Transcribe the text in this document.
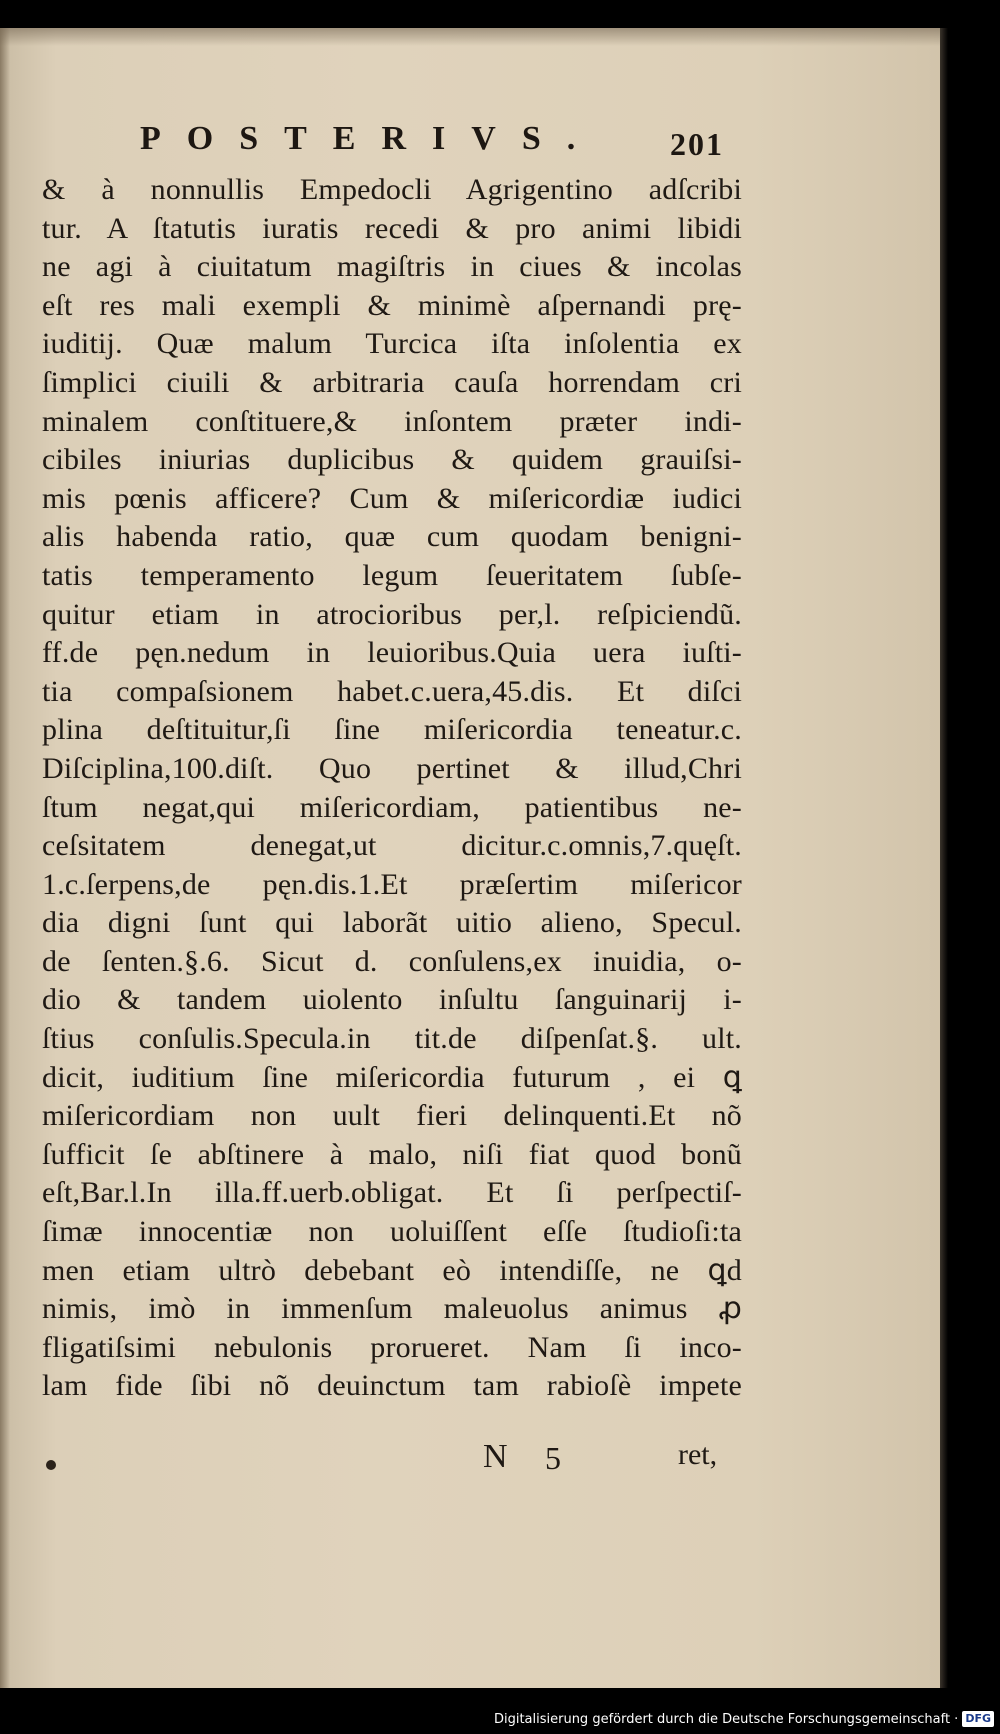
POSTERIVS. 201
& à nonnullis Empedocli Agrigentino adſcribi
tur. A ſtatutis iuratis recedi & pro animi libidi
ne agi à ciuitatum magiſtris in ciues & incolas
eſt res mali exempli & minimè aſpernandi prę-
iuditij. Quæ malum Turcica iſta inſolentia ex
ſimplici ciuili & arbitraria cauſa horrendam cri
minalem conſtituere,& inſontem præter indi-
cibiles iniurias duplicibus & quidem grauiſsi-
mis pœnis afficere? Cum & miſericordiæ iudici
alis habenda ratio, quæ cum quodam benigni-
tatis temperamento legum ſeueritatem ſubſe-
quitur etiam in atrocioribus per,l. reſpiciendũ.
ff.de pęn.nedum in leuioribus.Quia uera iuſti-
tia compaſsionem habet.c.uera,45.dis. Et diſci
plina deſtituitur,ſi ſine miſericordia teneatur.c.
Diſciplina,100.diſt. Quo pertinet & illud,Chri
ſtum negat,qui miſericordiam, patientibus ne-
ceſsitatem denegat,ut dicitur.c.omnis,7.quęſt.
1.c.ſerpens,de pęn.dis.1.Et præſertim miſericor
dia digni ſunt qui laborãt uitio alieno, Specul.
de ſenten.§.6. Sicut d. conſulens,ex inuidia, o-
dio & tandem uiolento inſultu ſanguinarij i-
ſtius conſulis.Specula.in tit.de diſpenſat.§. ult.
dicit, iuditium ſine miſericordia futurum , ei ꝗ
miſericordiam non uult fieri delinquenti.Et nõ
ſufficit ſe abſtinere à malo, niſi fiat quod bonũ
eſt,Bar.l.In illa.ff.uerb.obligat. Et ſi perſpectiſ-
ſimæ innocentiæ non uoluiſſent eſſe ſtudioſi:ta
men etiam ultrò debebant eò intendiſſe, ne ꝗd
nimis, imò in immenſum maleuolus animus ꝓ
fligatiſsimi nebulonis prorueret. Nam ſi inco-
lam fide ſibi nõ deuinctum tam rabioſè impete
N 5	ret,
Digitalisierung gefördert durch die Deutsche Forschungsgemeinschaft · DFG
